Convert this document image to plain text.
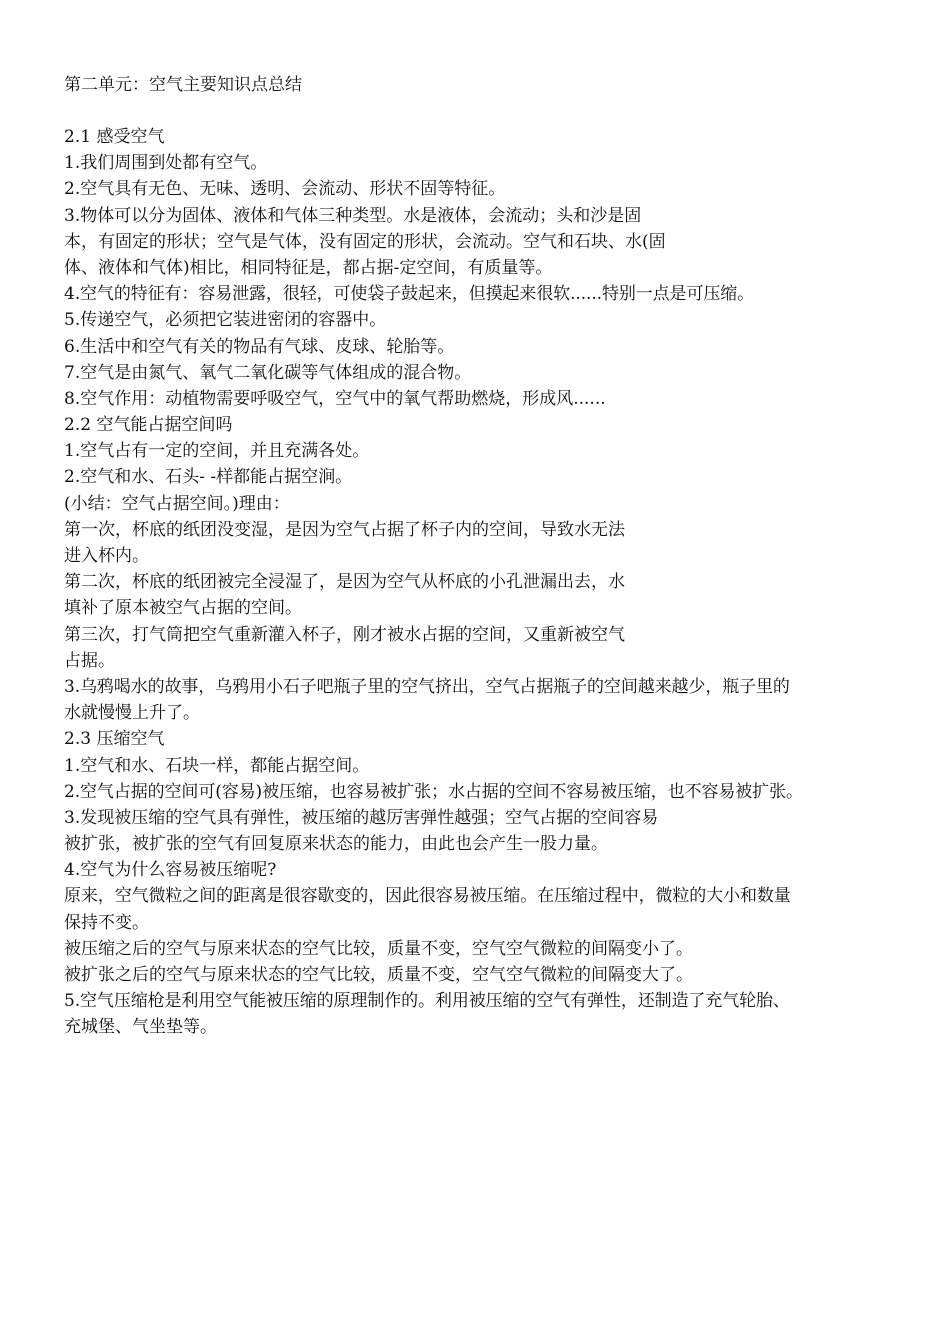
第二单元：空气主要知识点总结
2.1 感受空气
1.我们周围到处都有空气。
2.空气具有无色、无味、透明、会流动、形状不固等特征。
3.物体可以分为固体、液体和气体三种类型。水是液体，会流动；头和沙是固
本，有固定的形状；空气是气体，没有固定的形状，会流动。空气和石块、水(固
体、液体和气体)相比，相同特征是，都占据-定空间，有质量等。
4.空气的特征有：容易泄露，很轻，可使袋子鼓起来，但摸起来很软......特别一点是可压缩。
5.传递空气，必须把它装进密闭的容器中。
6.生活中和空气有关的物品有气球、皮球、轮胎等。
7.空气是由氮气、氧气二氧化碳等气体组成的混合物。
8.空气作用：动植物需要呼吸空气，空气中的氧气帮助燃烧，形成风......
2.2 空气能占据空间吗
1.空气占有一定的空间，并且充满各处。
2.空气和水、石头- -样都能占据空涧。
(小结：空气占据空间。)理由：
第一次，杯底的纸团没变湿，是因为空气占据了杯子内的空间，导致水无法
进入杯内。
第二次，杯底的纸团被完全浸湿了，是因为空气从杯底的小孔泄漏出去，水
填补了原本被空气占据的空间。
第三次，打气筒把空气重新灌入杯子，刚才被水占据的空间，又重新被空气
占据。
3.乌鸦喝水的故事，乌鸦用小石子吧瓶子里的空气挤出，空气占据瓶子的空间越来越少，瓶子里的
水就慢慢上升了。
2.3 压缩空气
1.空气和水、石块一样，都能占据空间。
2.空气占据的空间可(容易)被压缩，也容易被扩张；水占据的空间不容易被压缩，也不容易被扩张。
3.发现被压缩的空气具有弹性，被压缩的越厉害弹性越强；空气占据的空间容易
被扩张，被扩张的空气有回复原来状态的能力，由此也会产生一股力量。
4.空气为什么容易被压缩呢?
原来，空气微粒之间的距离是很容歇变的，因此很容易被压缩。在压缩过程中，微粒的大小和数量
保持不变。
被压缩之后的空气与原来状态的空气比较，质量不变，空气空气微粒的间隔变小了。
被扩张之后的空气与原来状态的空气比较，质量不变，空气空气微粒的间隔变大了。
5.空气压缩枪是利用空气能被压缩的原理制作的。利用被压缩的空气有弹性，还制造了充气轮胎、
充城堡、气坐垫等。
